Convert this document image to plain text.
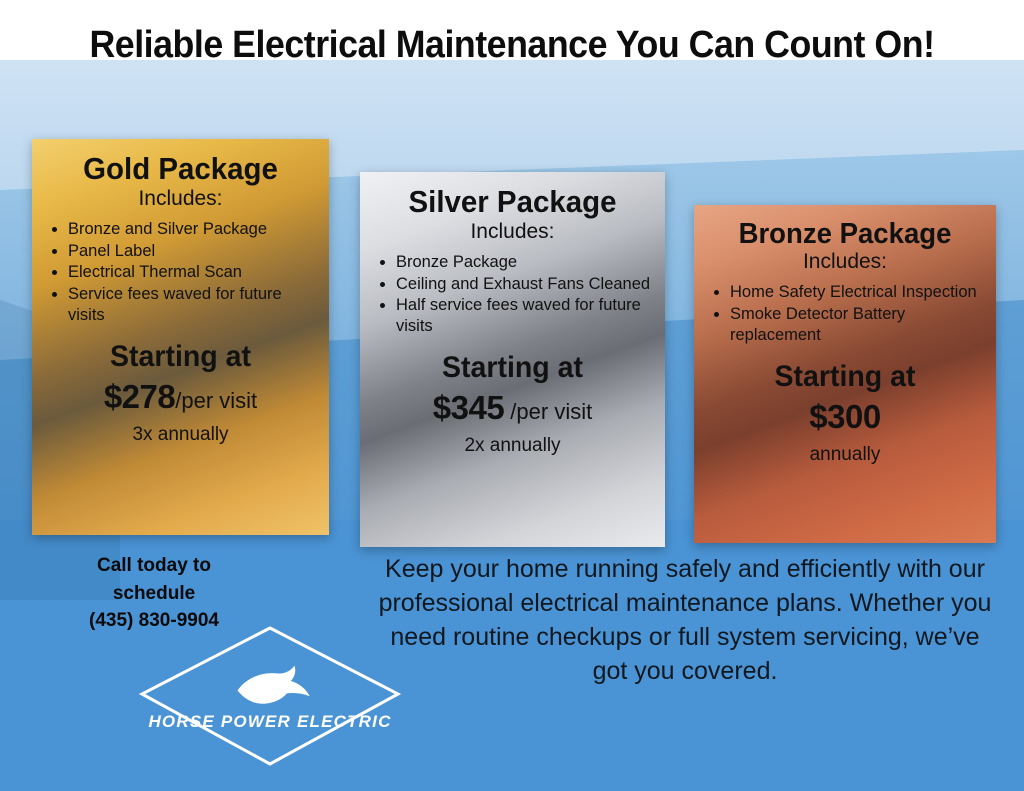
Reliable Electrical Maintenance You Can Count On!
Gold Package
Includes:
• Bronze and Silver Package
• Panel Label
• Electrical Thermal Scan
• Service fees waved for future visits
Starting at
$278/per visit
3x annually
Silver Package
Includes:
• Bronze Package
• Ceiling and Exhaust Fans Cleaned
• Half service fees waved for future visits
Starting at
$345 /per visit
2x annually
Bronze Package
Includes:
• Home Safety Electrical Inspection
• Smoke Detector Battery replacement
Starting at
$300
annually
Call today to
schedule
(435) 830-9904
HORSE POWER ELECTRIC

Keep your home running safely and efficiently with our professional electrical maintenance plans. Whether you need routine checkups or full system servicing, we’ve got you covered.
